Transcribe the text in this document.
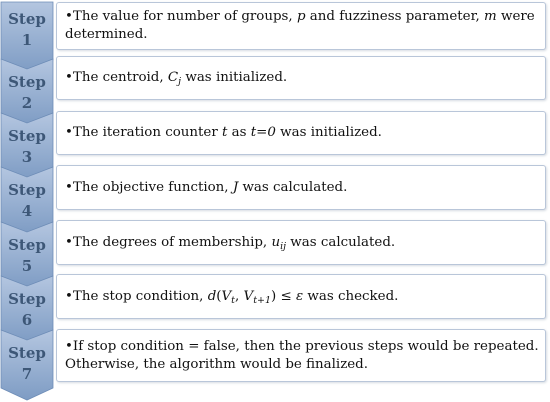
Step
1
•The value for number of groups, p and fuzziness parameter, m were determined.
Step
2
•The centroid, $C_j$ was initialized.
Step
3
•The iteration counter t as t=0 was initialized.
Step
4
•The objective function, J was calculated.
Step
5
•The degrees of membership, $u_{ij}$ was calculated.
Step
6
•The stop condition, $d(V_t$, $V_{t+1}) \le \varepsilon$ was checked.
Step
7
•If stop condition = false, then the previous steps would be repeated. Otherwise, the algorithm would be finalized.
